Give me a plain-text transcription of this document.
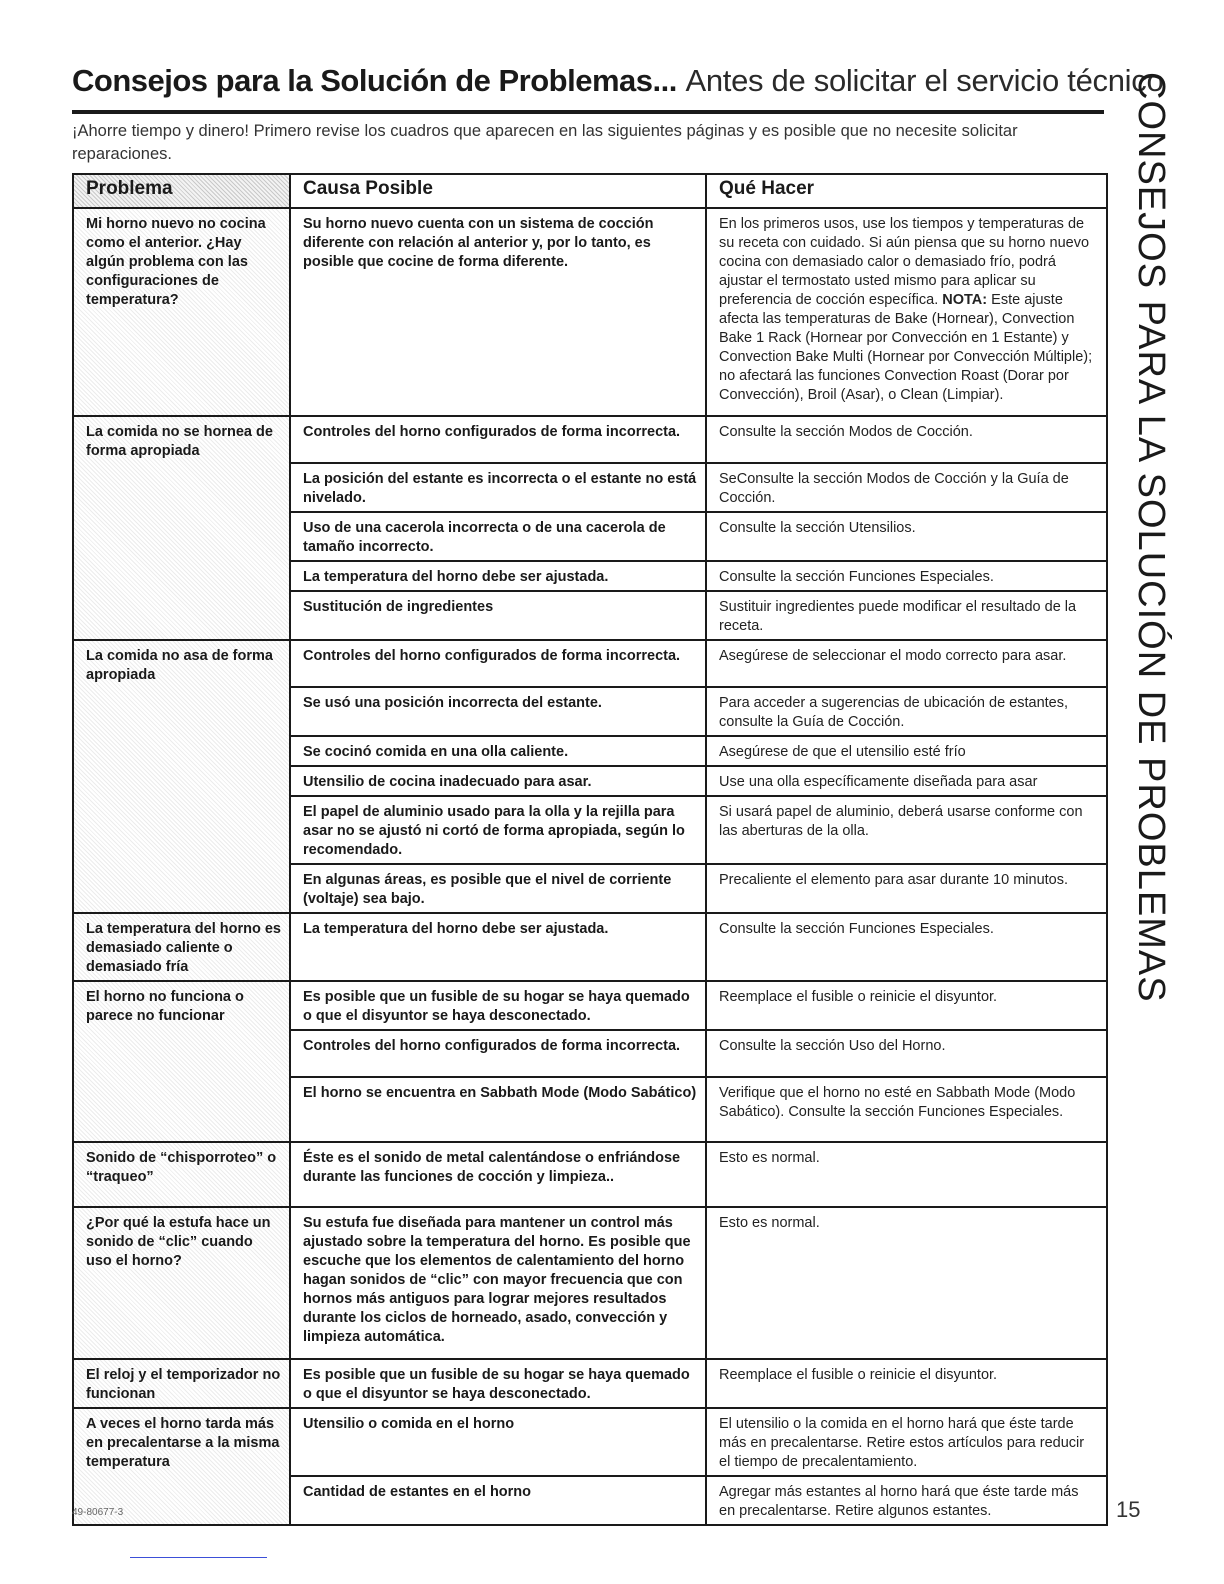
Consejos para la Solución de Problemas... Antes de solicitar el servicio técnico
¡Ahorre tiempo y dinero! Primero revise los cuadros que aparecen en las siguientes páginas y es posible que no necesite solicitar reparaciones.
Problema	Causa Posible	Qué Hacer
Mi horno nuevo no cocina como el anterior. ¿Hay algún problema con las configuraciones de temperatura?	Su horno nuevo cuenta con un sistema de cocción diferente con relación al anterior y, por lo tanto, es posible que cocine de forma diferente.	En los primeros usos, use los tiempos y temperaturas de su receta con cuidado. Si aún piensa que su horno nuevo cocina con demasiado calor o demasiado frío, podrá ajustar el termostato usted mismo para aplicar su preferencia de cocción específica. NOTA: Este ajuste afecta las temperaturas de Bake (Hornear), Convection Bake 1 Rack (Hornear por Convección en 1 Estante) y Convection Bake Multi (Hornear por Convección Múltiple); no afectará las funciones Convection Roast (Dorar por Convección), Broil (Asar), o Clean (Limpiar).
La comida no se hornea de forma apropiada	Controles del horno configurados de forma incorrecta.	Consulte la sección Modos de Cocción.
	La posición del estante es incorrecta o el estante no está nivelado.	SeConsulte la sección Modos de Cocción y la Guía de Cocción.
	Uso de una cacerola incorrecta o de una cacerola de tamaño incorrecto.	Consulte la sección Utensilios.
	La temperatura del horno debe ser ajustada.	Consulte la sección Funciones Especiales.
	Sustitución de ingredientes	Sustituir ingredientes puede modificar el resultado de la receta.
La comida no asa de forma apropiada	Controles del horno configurados de forma incorrecta.	Asegúrese de seleccionar el modo correcto para asar.
	Se usó una posición incorrecta del estante.	Para acceder a sugerencias de ubicación de estantes, consulte la Guía de Cocción.
	Se cocinó comida en una olla caliente.	Asegúrese de que el utensilio esté frío
	Utensilio de cocina inadecuado para asar.	Use una olla específicamente diseñada para asar
	El papel de aluminio usado para la olla y la rejilla para asar no se ajustó ni cortó de forma apropiada, según lo recomendado.	Si usará papel de aluminio, deberá usarse conforme con las aberturas de la olla.
	En algunas áreas, es posible que el nivel de corriente (voltaje) sea bajo.	Precaliente el elemento para asar durante 10 minutos.
La temperatura del horno es demasiado caliente o demasiado fría	La temperatura del horno debe ser ajustada.	Consulte la sección Funciones Especiales.
El horno no funciona o parece no funcionar	Es posible que un fusible de su hogar se haya quemado o que el disyuntor se haya desconectado.	Reemplace el fusible o reinicie el disyuntor.
	Controles del horno configurados de forma incorrecta.	Consulte la sección Uso del Horno.
	El horno se encuentra en Sabbath Mode (Modo Sabático)	Verifique que el horno no esté en Sabbath Mode (Modo Sabático). Consulte la sección Funciones Especiales.
Sonido de “chisporroteo” o “traqueo”	Éste es el sonido de metal calentándose o enfriándose durante las funciones de cocción y limpieza..	Esto es normal.
¿Por qué la estufa hace un sonido de “clic” cuando uso el horno?	Su estufa fue diseñada para mantener un control más ajustado sobre la temperatura del horno. Es posible que escuche que los elementos de calentamiento del horno hagan sonidos de “clic” con mayor frecuencia que con hornos más antiguos para lograr mejores resultados durante los ciclos de horneado, asado, convección y limpieza automática.	Esto es normal.
El reloj y el temporizador no funcionan	Es posible que un fusible de su hogar se haya quemado o que el disyuntor se haya desconectado.	Reemplace el fusible o reinicie el disyuntor.
A veces el horno tarda más en precalentarse a la misma temperatura	Utensilio o comida en el horno	El utensilio o la comida en el horno hará que éste tarde más en precalentarse. Retire estos artículos para reducir el tiempo de precalentamiento.
	Cantidad de estantes en el horno	Agregar más estantes al horno hará que éste tarde más en precalentarse. Retire algunos estantes.
CONSEJOS PARA LA SOLUCIÓN DE PROBLEMAS
49-80677-3	15
